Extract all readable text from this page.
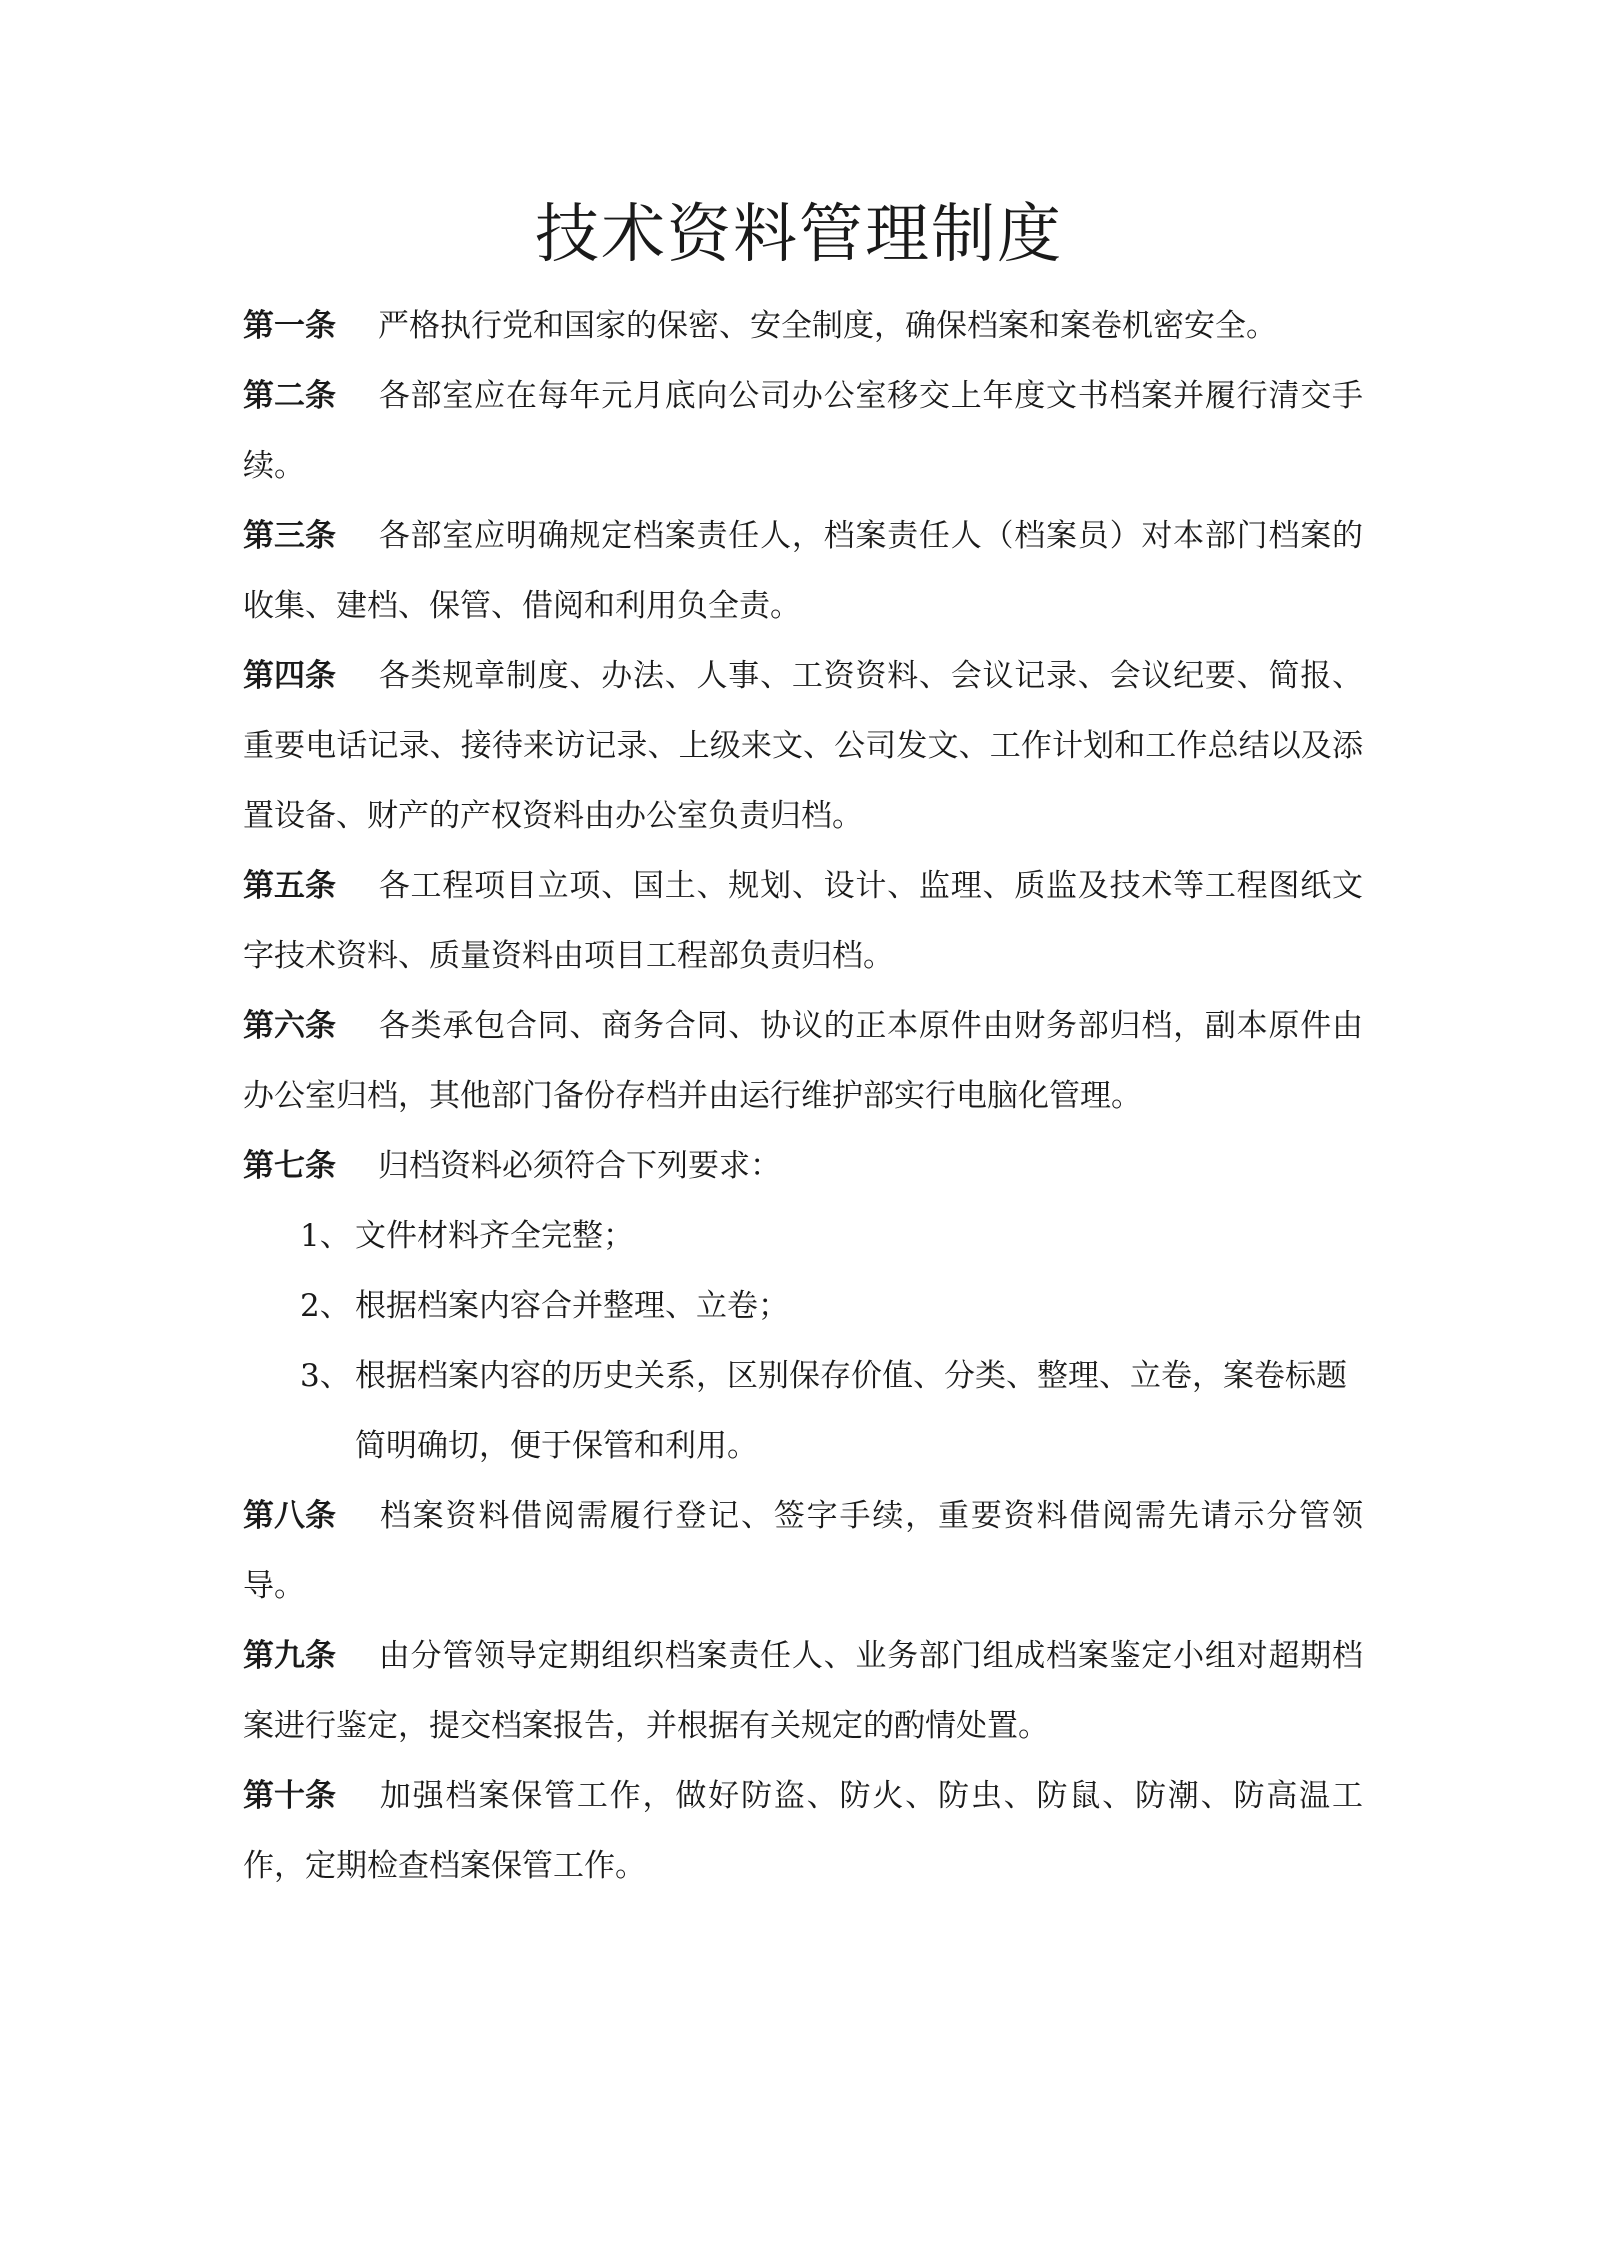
技术资料管理制度

第一条 严格执行党和国家的保密、安全制度，确保档案和案卷机密安全。

第二条 各部室应在每年元月底向公司办公室移交上年度文书档案并履行清交手续。

第三条 各部室应明确规定档案责任人，档案责任人（档案员）对本部门档案的收集、建档、保管、借阅和利用负全责。

第四条 各类规章制度、办法、人事、工资资料、会议记录、会议纪要、简报、重要电话记录、接待来访记录、上级来文、公司发文、工作计划和工作总结以及添置设备、财产的产权资料由办公室负责归档。

第五条 各工程项目立项、国土、规划、设计、监理、质监及技术等工程图纸文字技术资料、质量资料由项目工程部负责归档。

第六条 各类承包合同、商务合同、协议的正本原件由财务部归档，副本原件由办公室归档，其他部门备份存档并由运行维护部实行电脑化管理。

第七条 归档资料必须符合下列要求：

1、 文件材料齐全完整；
2、 根据档案内容合并整理、立卷；
3、 根据档案内容的历史关系，区别保存价值、分类、整理、立卷，案卷标题简明确切，便于保管和利用。

第八条 档案资料借阅需履行登记、签字手续，重要资料借阅需先请示分管领导。

第九条 由分管领导定期组织档案责任人、业务部门组成档案鉴定小组对超期档案进行鉴定，提交档案报告，并根据有关规定的酌情处置。

第十条 加强档案保管工作，做好防盗、防火、防虫、防鼠、防潮、防高温工作，定期检查档案保管工作。
